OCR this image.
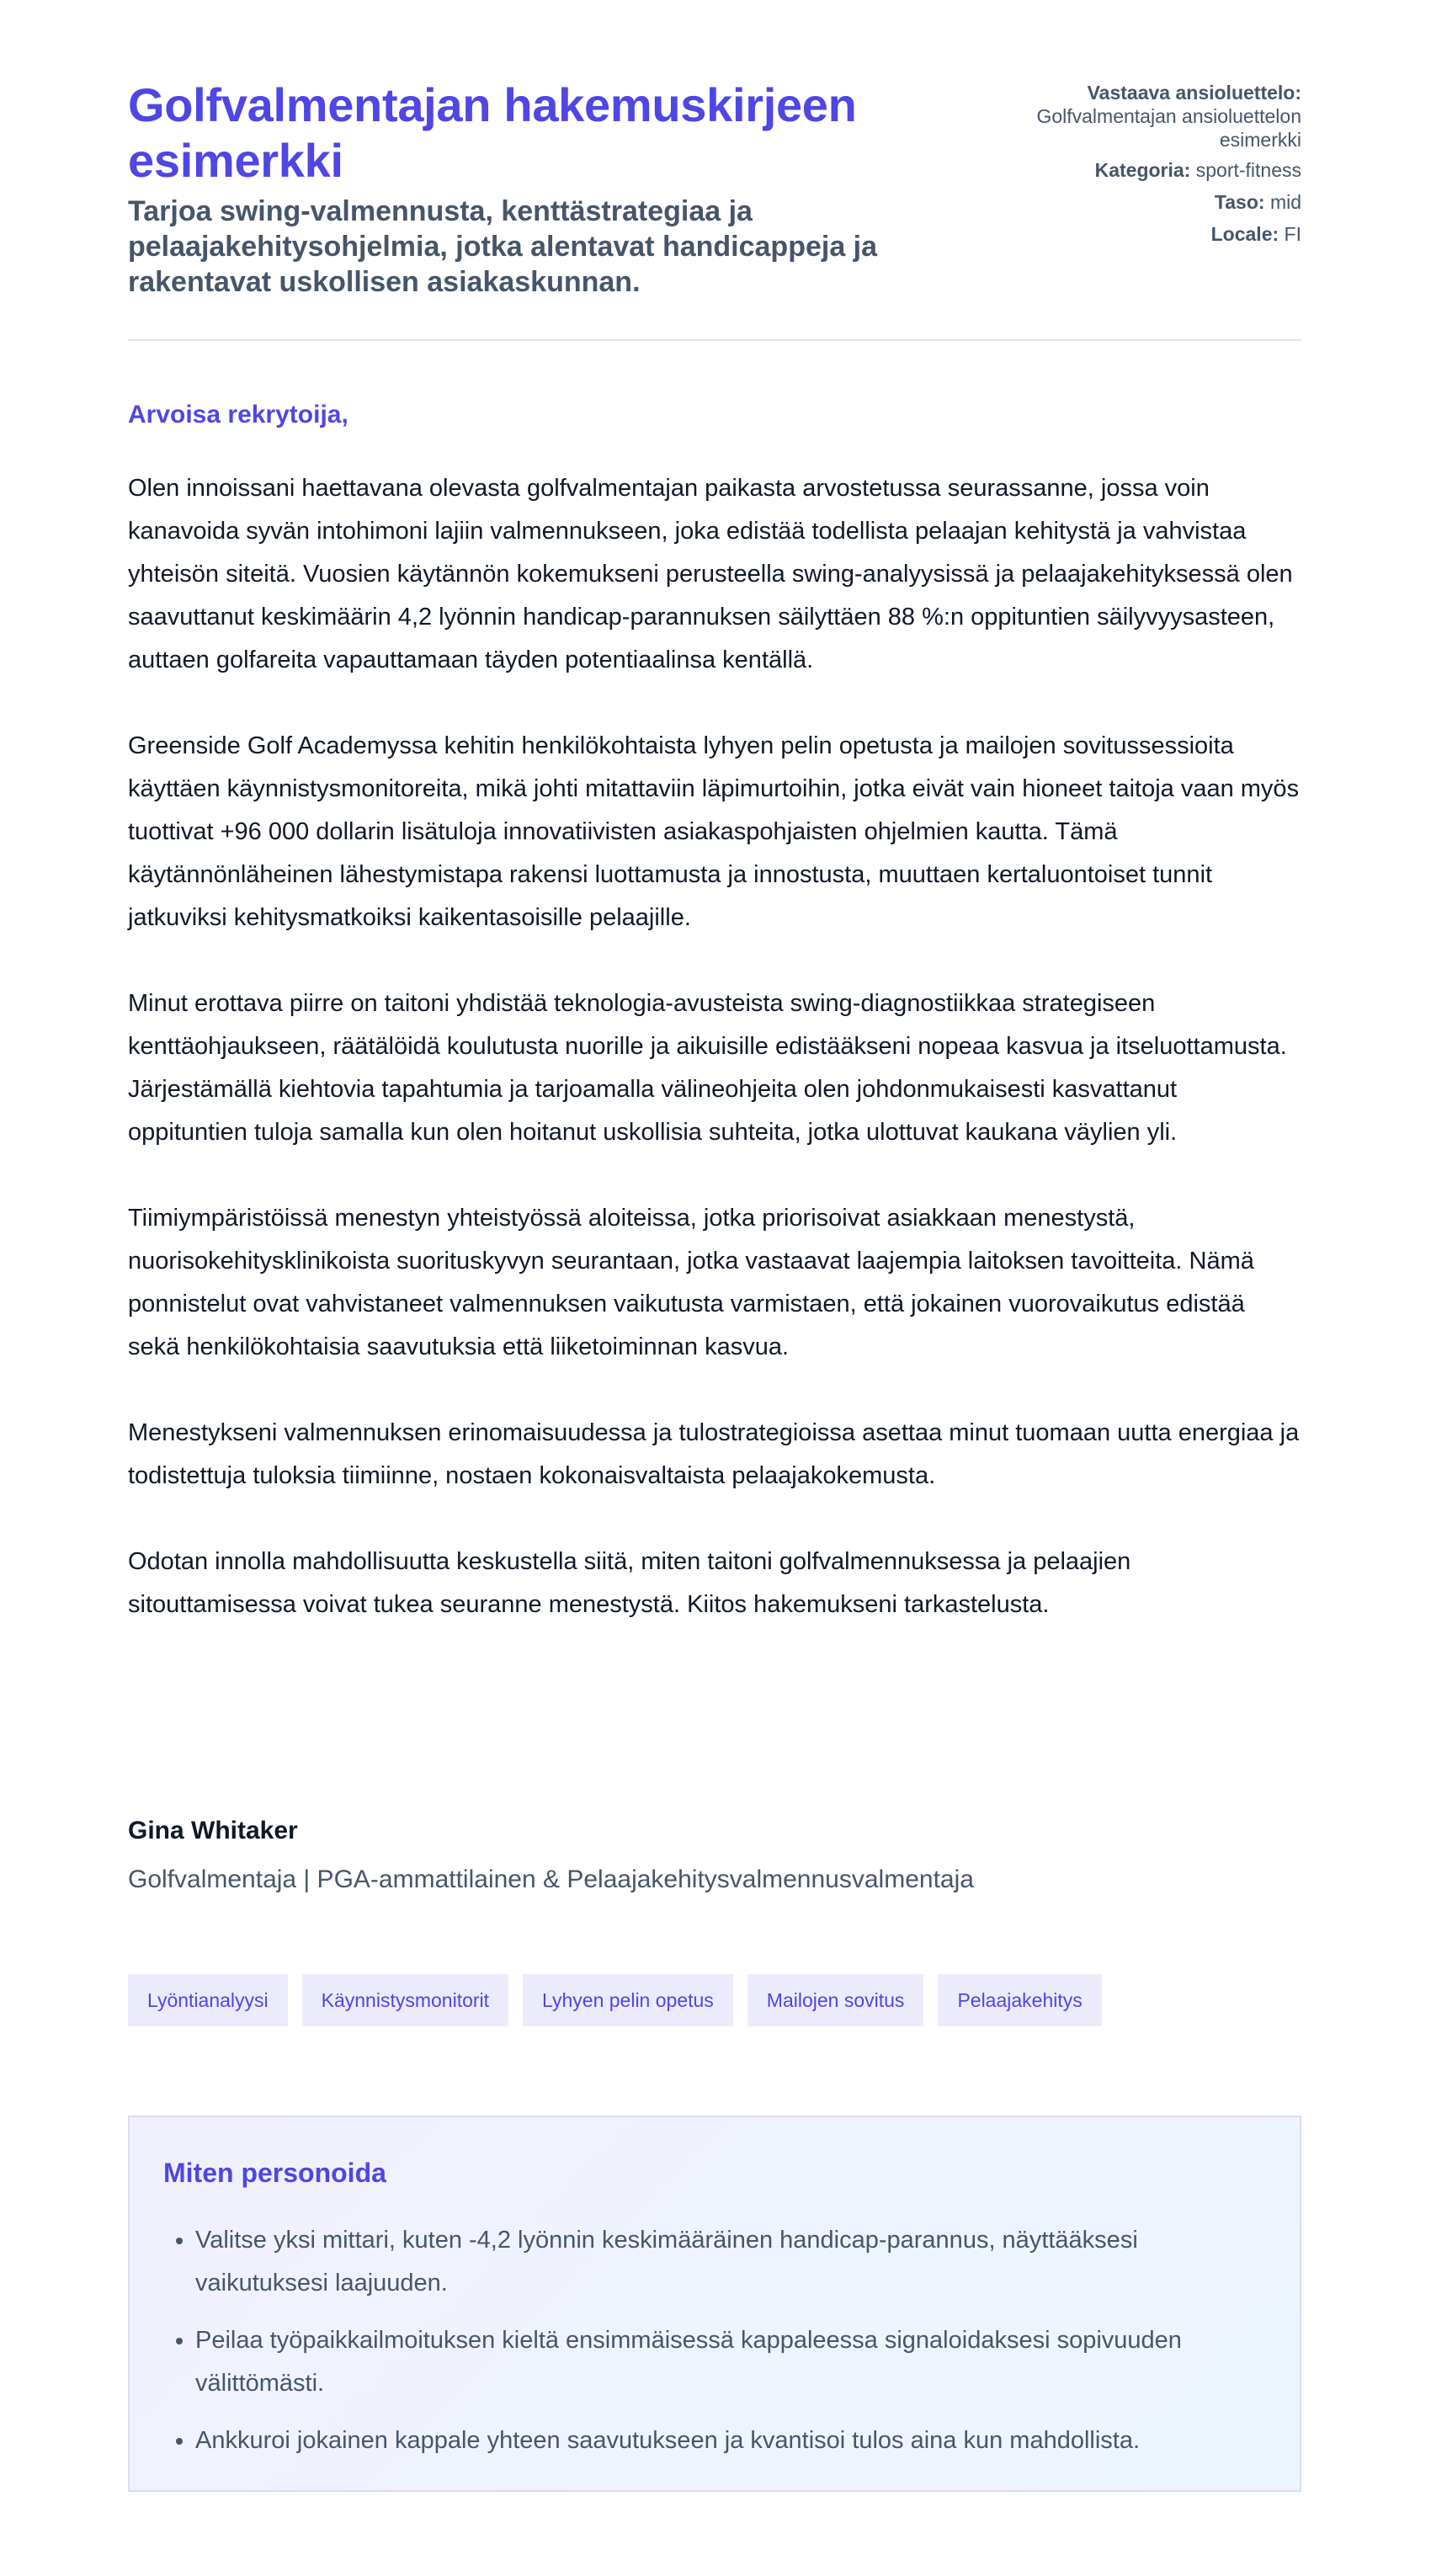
Golfvalmentajan hakemuskirjeen esimerkki
Tarjoa swing-valmennusta, kenttästrategiaa ja pelaajakehitysohjelmia, jotka alentavat handicappeja ja rakentavat uskollisen asiakaskunnan.
Vastaava ansioluettelo: Golfvalmentajan ansioluettelon esimerkki
Kategoria: sport-fitness
Taso: mid
Locale: FI

Arvoisa rekrytoija,

Olen innoissani haettavana olevasta golfvalmentajan paikasta arvostetussa seurassanne, jossa voin kanavoida syvän intohimoni lajiin valmennukseen, joka edistää todellista pelaajan kehitystä ja vahvistaa yhteisön siteitä. Vuosien käytännön kokemukseni perusteella swing-analyysissä ja pelaajakehityksessä olen saavuttanut keskimäärin 4,2 lyönnin handicap-parannuksen säilyttäen 88 %:n oppituntien säilyvyysasteen, auttaen golfareita vapauttamaan täyden potentiaalinsa kentällä.

Greenside Golf Academyssa kehitin henkilökohtaista lyhyen pelin opetusta ja mailojen sovitussessioita käyttäen käynnistysmonitoreita, mikä johti mitattaviin läpimurtoihin, jotka eivät vain hioneet taitoja vaan myös tuottivat +96 000 dollarin lisätuloja innovatiivisten asiakaspohjaisten ohjelmien kautta. Tämä käytännönläheinen lähestymistapa rakensi luottamusta ja innostusta, muuttaen kertaluontoiset tunnit jatkuviksi kehitysmatkoiksi kaikentasoisille pelaajille.

Minut erottava piirre on taitoni yhdistää teknologia-avusteista swing-diagnostiikkaa strategiseen kenttäohjaukseen, räätälöidä koulutusta nuorille ja aikuisille edistääkseni nopeaa kasvua ja itseluottamusta. Järjestämällä kiehtovia tapahtumia ja tarjoamalla välineohjeita olen johdonmukaisesti kasvattanut oppituntien tuloja samalla kun olen hoitanut uskollisia suhteita, jotka ulottuvat kaukana väylien yli.

Tiimiympäristöissä menestyn yhteistyössä aloiteissa, jotka priorisoivat asiakkaan menestystä, nuorisokehitysklinikoista suorituskyvyn seurantaan, jotka vastaavat laajempia laitoksen tavoitteita. Nämä ponnistelut ovat vahvistaneet valmennuksen vaikutusta varmistaen, että jokainen vuorovaikutus edistää sekä henkilökohtaisia saavutuksia että liiketoiminnan kasvua.

Menestykseni valmennuksen erinomaisuudessa ja tulostrategioissa asettaa minut tuomaan uutta energiaa ja todistettuja tuloksia tiimiinne, nostaen kokonaisvaltaista pelaajakokemusta.

Odotan innolla mahdollisuutta keskustella siitä, miten taitoni golfvalmennuksessa ja pelaajien sitouttamisessa voivat tukea seuranne menestystä. Kiitos hakemukseni tarkastelusta.

Gina Whitaker
Golfvalmentaja | PGA-ammattilainen & Pelaajakehitysvalmennusvalmentaja
Lyöntianalyysi	Käynnistysmonitorit	Lyhyen pelin opetus	Mailojen sovitus	Pelaajakehitys
Miten personoida
• Valitse yksi mittari, kuten -4,2 lyönnin keskimääräinen handicap-parannus, näyttääksesi vaikutuksesi laajuuden.
• Peilaa työpaikkailmoituksen kieltä ensimmäisessä kappaleessa signaloidaksesi sopivuuden välittömästi.
• Ankkuroi jokainen kappale yhteen saavutukseen ja kvantisoi tulos aina kun mahdollista.
